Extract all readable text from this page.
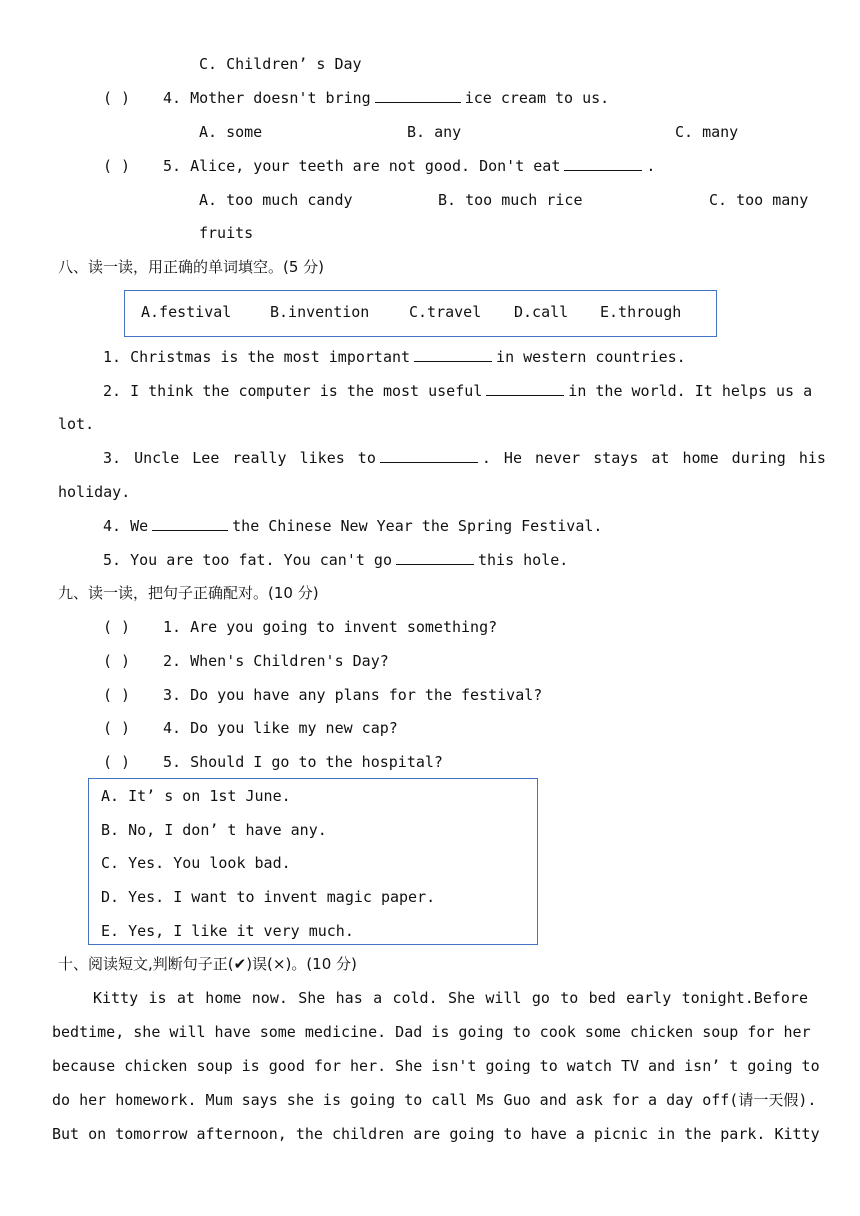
C. Children’ s Day
( ) 4. Mother doesn't bring	ice cream to us.
A. some	B. any	C. many
( ) 5. Alice, your teeth are not good. Don't eat	.
A. too much candy	B. too much rice	C. too many
fruits
八、读一读，用正确的单词填空。(5 分)
A.festival	B.invention	C.travel D.call E.through
1. Christmas is the most important	in western countries.
2. I think the computer is the most useful	in the world. It helps us a
lot.
3. Uncle Lee really likes to	. He never stays at home during his
holiday.
4. We	the Chinese New Year the Spring Festival.
5. You are too fat. You can't go	this hole.
九、读一读，把句子正确配对。(10 分)
( ) 1. Are you going to invent something?
( ) 2. When's Children's Day?
( ) 3. Do you have any plans for the festival?
( ) 4. Do you like my new cap?
( ) 5. Should I go to the hospital?
A. It’ s on 1st June.
B. No, I don’ t have any.
C. Yes. You look bad.
D. Yes. I want to invent magic paper.
E. Yes, I like it very much.
十、阅读短文,判断句子正(✔)误(×)。(10 分)
Kitty is at home now. She has a cold. She will go to bed early tonight.Before
bedtime, she will have some medicine. Dad is going to cook some chicken soup for her
because chicken soup is good for her. She isn't going to watch TV and isn’ t going to
do her homework. Mum says she is going to call Ms Guo and ask for a day off(请一天假).
But on tomorrow afternoon, the children are going to have a picnic in the park. Kitty
